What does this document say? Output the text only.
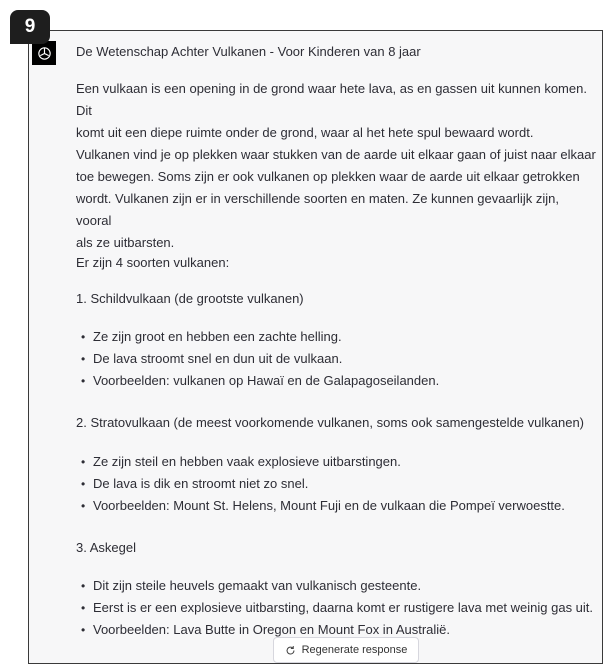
9
De Wetenschap Achter Vulkanen - Voor Kinderen van 8 jaar

Een vulkaan is een opening in de grond waar hete lava, as en gassen uit kunnen komen. Dit

komt uit een diepe ruimte onder de grond, waar al het hete spul bewaard wordt.

Vulkanen vind je op plekken waar stukken van de aarde uit elkaar gaan of juist naar elkaar

toe bewegen. Soms zijn er ook vulkanen op plekken waar de aarde uit elkaar getrokken

wordt. Vulkanen zijn er in verschillende soorten en maten. Ze kunnen gevaarlijk zijn, vooral

als ze uitbarsten.

Er zijn 4 soorten vulkanen:

1. Schildvulkaan (de grootste vulkanen)

• Ze zijn groot en hebben een zachte helling.

• De lava stroomt snel en dun uit de vulkaan.

• Voorbeelden: vulkanen op Hawaï en de Galapagoseilanden.

2. Stratovulkaan (de meest voorkomende vulkanen, soms ook samengestelde vulkanen)

• Ze zijn steil en hebben vaak explosieve uitbarstingen.

• De lava is dik en stroomt niet zo snel.

• Voorbeelden: Mount St. Helens, Mount Fuji en de vulkaan die Pompeï verwoestte.

3. Askegel

• Dit zijn steile heuvels gemaakt van vulkanisch gesteente.

• Eerst is er een explosieve uitbarsting, daarna komt er rustigere lava met weinig gas uit.

• Voorbeelden: Lava Butte in Oregon en Mount Fox in Australië.

Regenerate response
